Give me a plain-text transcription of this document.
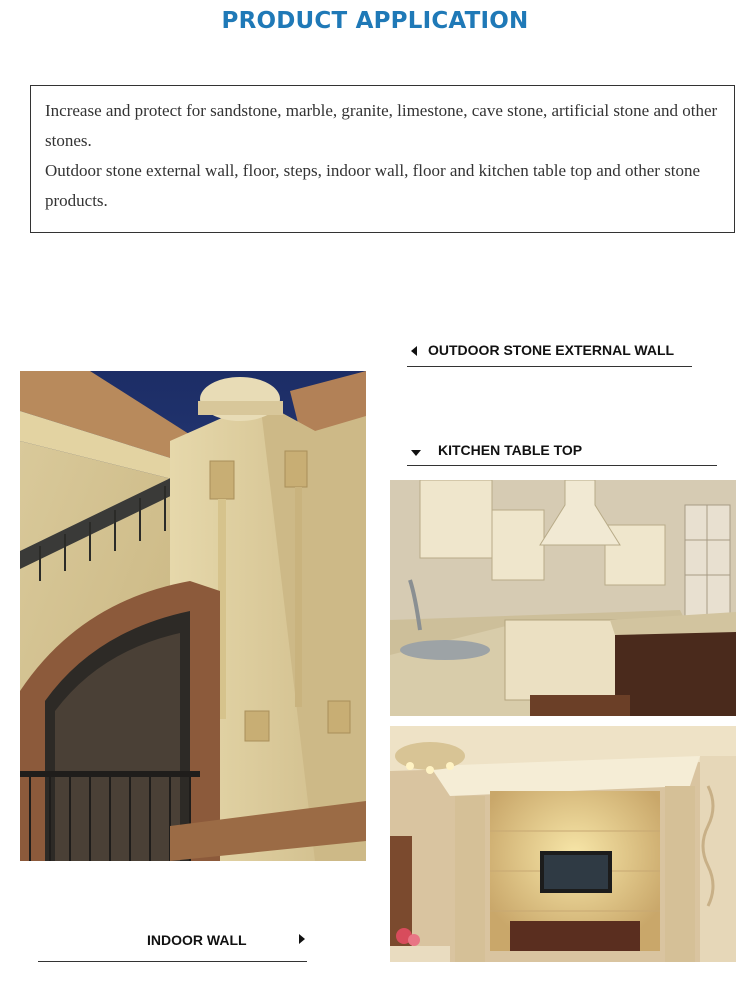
PRODUCT APPLICATION

Increase and protect for sandstone, marble, granite, limestone, cave stone, artificial stone and other stones.

Outdoor stone external wall, floor, steps, indoor wall, floor and kitchen table top and other stone products.

OUTDOOR STONE EXTERNAL WALL
KITCHEN TABLE TOP
INDOOR WALL
